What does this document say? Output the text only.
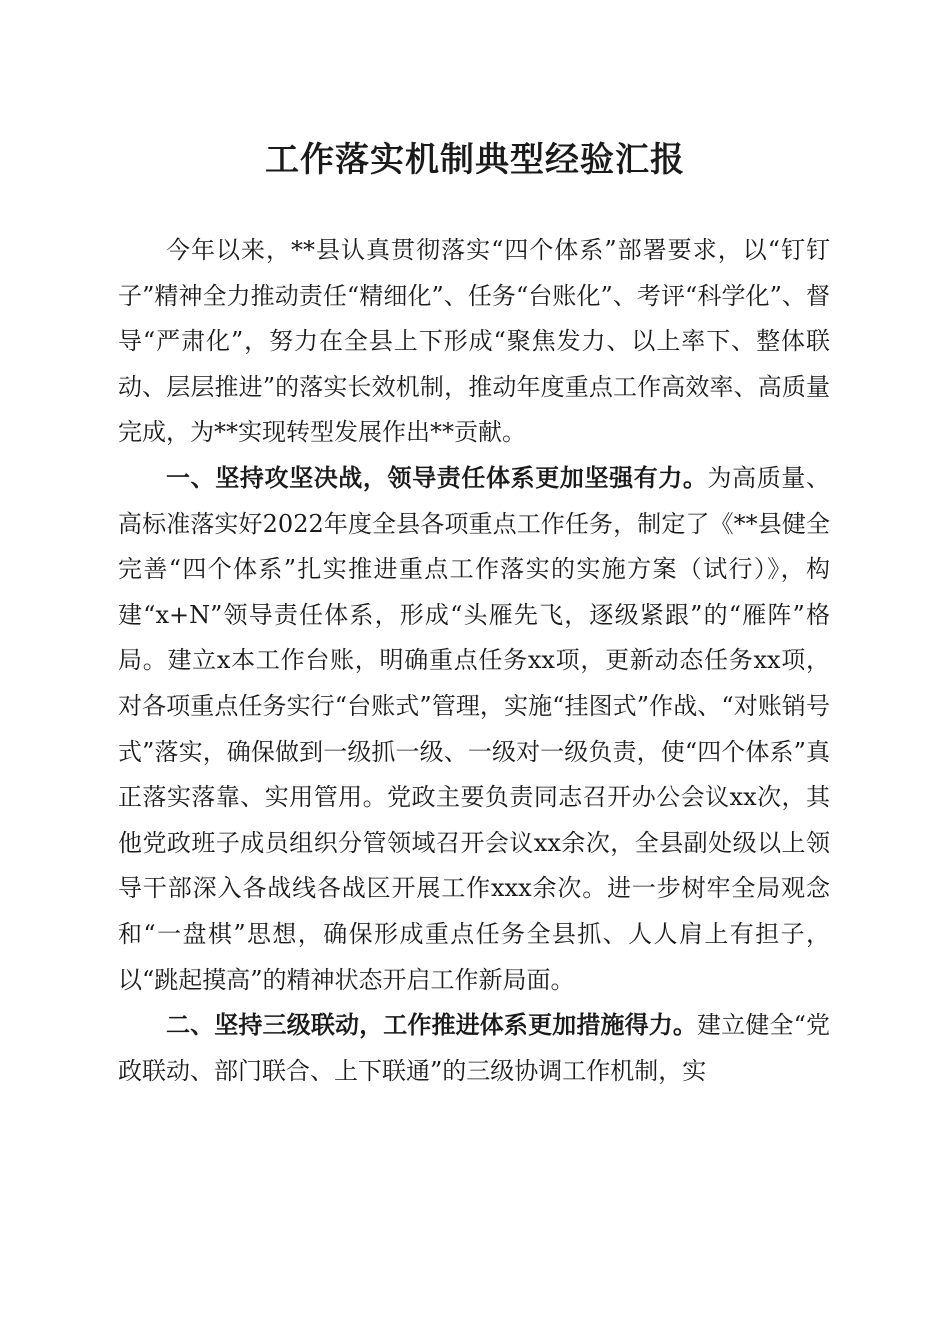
工作落实机制典型经验汇报

今年以来，**县认真贯彻落实“四个体系”部署要求，以“钉钉子”精神全力推动责任“精细化”、任务“台账化”、考评“科学化”、督导“严肃化”，努力在全县上下形成“聚焦发力、以上率下、整体联动、层层推进”的落实长效机制，推动年度重点工作高效率、高质量完成，为**实现转型发展作出**贡献。

一、坚持攻坚决战，领导责任体系更加坚强有力。为高质量、高标准落实好2022年度全县各项重点工作任务，制定了《**县健全完善“四个体系”扎实推进重点工作落实的实施方案（试行）》，构建“x+N”领导责任体系，形成“头雁先飞，逐级紧跟”的“雁阵”格局。建立x本工作台账，明确重点任务xx项，更新动态任务xx项，对各项重点任务实行“台账式”管理，实施“挂图式”作战、“对账销号式”落实，确保做到一级抓一级、一级对一级负责，使“四个体系”真正落实落靠、实用管用。党政主要负责同志召开办公会议xx次，其他党政班子成员组织分管领域召开会议xx余次，全县副处级以上领导干部深入各战线各战区开展工作xxx余次。进一步树牢全局观念和“一盘棋”思想，确保形成重点任务全县抓、人人肩上有担子，以“跳起摸高”的精神状态开启工作新局面。

二、坚持三级联动，工作推进体系更加措施得力。建立健全“党政联动、部门联合、上下联通”的三级协调工作机制，实
